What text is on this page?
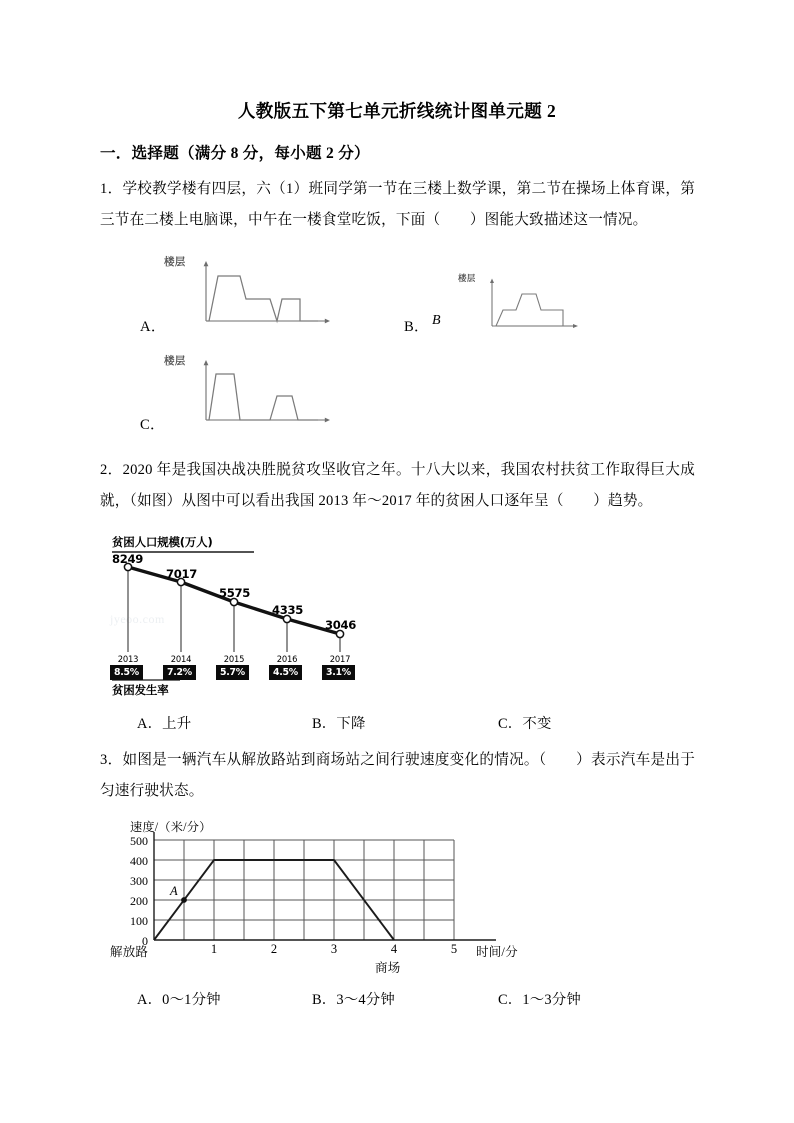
人教版五下第七单元折线统计图单元题 2
一．选择题（满分 8 分，每小题 2 分）
1．学校教学楼有四层，六（1）班同学第一节在三楼上数学课，第二节在操场上体育课，第三节在二楼上电脑课，中午在一楼食堂吃饭，下面（　　）图能大致描述这一情况。
A．
楼层
B． B
楼层
C．
楼层
2．2020 年是我国决战决胜脱贫攻坚收官之年。十八大以来，我国农村扶贫工作取得巨大成就，（如图）从图中可以看出我国 2013 年～2017 年的贫困人口逐年呈（　　）趋势。
贫困人口规模(万人)
贫困发生率
jyeoo.com
8249
7017
5575
4335
3046
2013	2014	2015	2016	2017
8.5%	7.2%	5.7%	4.5%	3.1%
A．上升	B．下降	C．不变
3．如图是一辆汽车从解放路站到商场站之间行驶速度变化的情况。（　　）表示汽车是出于匀速行驶状态。
速度/（米/分）
0
100
200
300
400
500
A
1	2	3	4	5
解放路
商场
时间/分
A．0～1分钟	B．3～4分钟	C．1～3分钟
